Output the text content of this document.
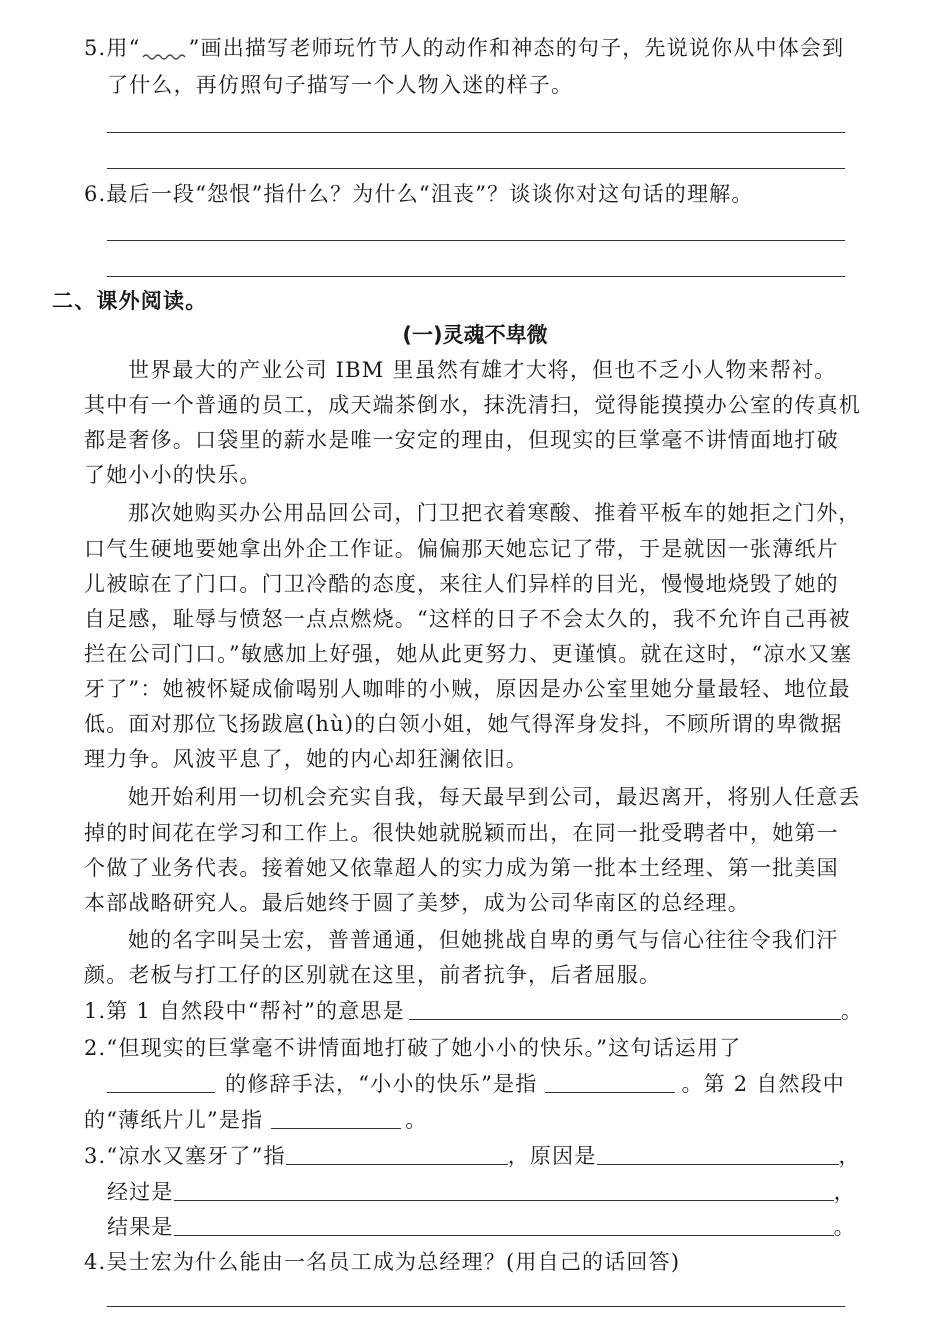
5.用“ ”画出描写老师玩竹节人的动作和神态的句子，先说说你从中体会到
了什么，再仿照句子描写一个人物入迷的样子。
6.最后一段“怨恨”指什么？为什么“沮丧”？谈谈你对这句话的理解。
二、课外阅读。
(一)灵魂不卑微
世界最大的产业公司 IBM 里虽然有雄才大将，但也不乏小人物来帮衬。
其中有一个普通的员工，成天端茶倒水，抹洗清扫，觉得能摸摸办公室的传真机
都是奢侈。口袋里的薪水是唯一安定的理由，但现实的巨掌毫不讲情面地打破
了她小小的快乐。
那次她购买办公用品回公司，门卫把衣着寒酸、推着平板车的她拒之门外，
口气生硬地要她拿出外企工作证。偏偏那天她忘记了带，于是就因一张薄纸片
儿被晾在了门口。门卫冷酷的态度，来往人们异样的目光，慢慢地烧毁了她的
自足感，耻辱与愤怒一点点燃烧。“这样的日子不会太久的，我不允许自己再被
拦在公司门口。”敏感加上好强，她从此更努力、更谨慎。就在这时，“凉水又塞
牙了”：她被怀疑成偷喝别人咖啡的小贼，原因是办公室里她分量最轻、地位最
低。面对那位飞扬跋扈(hù)的白领小姐，她气得浑身发抖，不顾所谓的卑微据
理力争。风波平息了，她的内心却狂澜依旧。
她开始利用一切机会充实自我，每天最早到公司，最迟离开，将别人任意丢
掉的时间花在学习和工作上。很快她就脱颖而出，在同一批受聘者中，她第一
个做了业务代表。接着她又依靠超人的实力成为第一批本土经理、第一批美国
本部战略研究人。最后她终于圆了美梦，成为公司华南区的总经理。
她的名字叫吴士宏，普普通通，但她挑战自卑的勇气与信心往往令我们汗
颜。老板与打工仔的区别就在这里，前者抗争，后者屈服。
1.第 1 自然段中“帮衬”的意思是	。
2.“但现实的巨掌毫不讲情面地打破了她小小的快乐。”这句话运用了
的修辞手法，“小小的快乐”是指	。第 2 自然段中
的“薄纸片儿”是指	。
3.“凉水又塞牙了”指	，原因是	，
经过是	，
结果是	。
4.吴士宏为什么能由一名员工成为总经理？(用自己的话回答)
